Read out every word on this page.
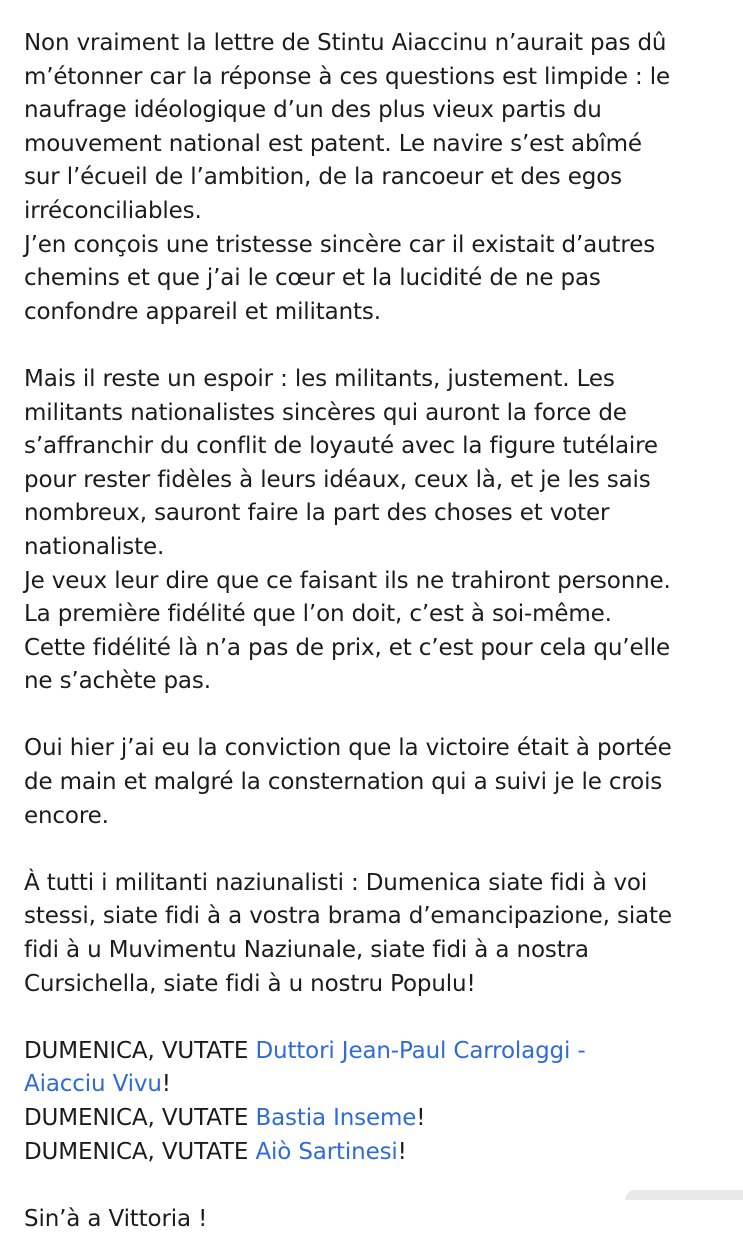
Non vraiment la lettre de Stintu Aiaccinu n’aurait pas dû
m’étonner car la réponse à ces questions est limpide : le
naufrage idéologique d’un des plus vieux partis du
mouvement national est patent. Le navire s’est abîmé
sur l’écueil de l’ambition, de la rancoeur et des egos
irréconciliables.
J’en conçois une tristesse sincère car il existait d’autres
chemins et que j’ai le cœur et la lucidité de ne pas
confondre appareil et militants.
Mais il reste un espoir : les militants, justement. Les
militants nationalistes sincères qui auront la force de
s’affranchir du conflit de loyauté avec la figure tutélaire
pour rester fidèles à leurs idéaux, ceux là, et je les sais
nombreux, sauront faire la part des choses et voter
nationaliste.
Je veux leur dire que ce faisant ils ne trahiront personne.
La première fidélité que l’on doit, c’est à soi-même.
Cette fidélité là n’a pas de prix, et c’est pour cela qu’elle
ne s’achète pas.
Oui hier j’ai eu la conviction que la victoire était à portée
de main et malgré la consternation qui a suivi je le crois
encore.
À tutti i militanti naziunalisti : Dumenica siate fidi à voi
stessi, siate fidi à a vostra brama d’emancipazione, siate
fidi à u Muvimentu Naziunale, siate fidi à a nostra
Cursichella, siate fidi à u nostru Populu!
DUMENICA, VUTATE Duttori Jean-Paul Carrolaggi -
Aiacciu Vivu!
DUMENICA, VUTATE Bastia Inseme!
DUMENICA, VUTATE Aiò Sartinesi!
Sin’à a Vittoria !
